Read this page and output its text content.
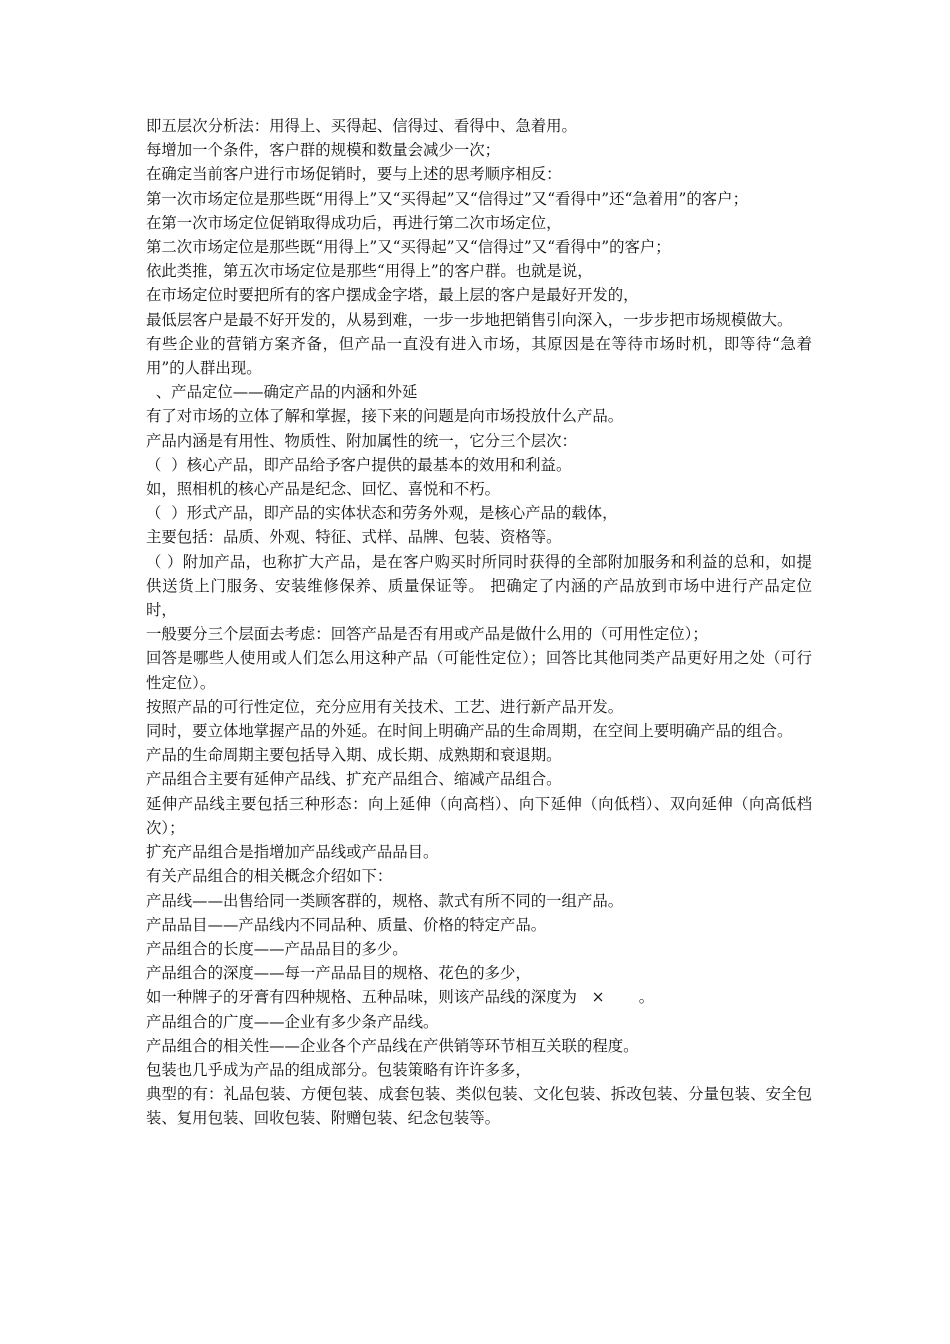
即五层次分析法：用得上、买得起、信得过、看得中、急着用。

每增加一个条件，客户群的规模和数量会减少一次；

在确定当前客户进行市场促销时，要与上述的思考顺序相反：

第一次市场定位是那些既“用得上”又“买得起”又“信得过”又“看得中”还“急着用”的客户；

在第一次市场定位促销取得成功后，再进行第二次市场定位，

第二次市场定位是那些既“用得上”又“买得起”又“信得过”又“看得中”的客户；

依此类推，第五次市场定位是那些“用得上”的客户群。也就是说，

在市场定位时要把所有的客户摆成金字塔，最上层的客户是最好开发的，

最低层客户是最不好开发的，从易到难，一步一步地把销售引向深入，一步步把市场规模做大。

有些企业的营销方案齐备，但产品一直没有进入市场，其原因是在等待市场时机，即等待“急着用”的人群出现。

、产品定位——确定产品的内涵和外延

有了对市场的立体了解和掌握，接下来的问题是向市场投放什么产品。

产品内涵是有用性、物质性、附加属性的统一，它分三个层次：

（  ）核心产品，即产品给予客户提供的最基本的效用和利益。

如，照相机的核心产品是纪念、回忆、喜悦和不朽。

（  ）形式产品，即产品的实体状态和劳务外观，是核心产品的载体，

主要包括：品质、外观、特征、式样、品牌、包装、资格等。

（ ）附加产品，也称扩大产品，是在客户购买时所同时获得的全部附加服务和利益的总和，如提供送货上门服务、安装维修保养、质量保证等。 把确定了内涵的产品放到市场中进行产品定位时，

一般要分三个层面去考虑：回答产品是否有用或产品是做什么用的（可用性定位）；

回答是哪些人使用或人们怎么用这种产品（可能性定位）；回答比其他同类产品更好用之处（可行性定位）。

按照产品的可行性定位，充分应用有关技术、工艺、进行新产品开发。

同时，要立体地掌握产品的外延。在时间上明确产品的生命周期，在空间上要明确产品的组合。

产品的生命周期主要包括导入期、成长期、成熟期和衰退期。

产品组合主要有延伸产品线、扩充产品组合、缩减产品组合。

延伸产品线主要包括三种形态：向上延伸（向高档）、向下延伸（向低档）、双向延伸（向高低档次）；

扩充产品组合是指增加产品线或产品品目。

有关产品组合的相关概念介绍如下：

产品线——出售给同一类顾客群的，规格、款式有所不同的一组产品。

产品品目——产品线内不同品种、质量、价格的特定产品。

产品组合的长度——产品品目的多少。

产品组合的深度——每一产品品目的规格、花色的多少，

如一种牌子的牙膏有四种规格、五种品味，则该产品线的深度为   ×       。

产品组合的广度——企业有多少条产品线。

产品组合的相关性——企业各个产品线在产供销等环节相互关联的程度。

包装也几乎成为产品的组成部分。包装策略有许许多多，

典型的有：礼品包装、方便包装、成套包装、类似包装、文化包装、拆改包装、分量包装、安全包装、复用包装、回收包装、附赠包装、纪念包装等。
